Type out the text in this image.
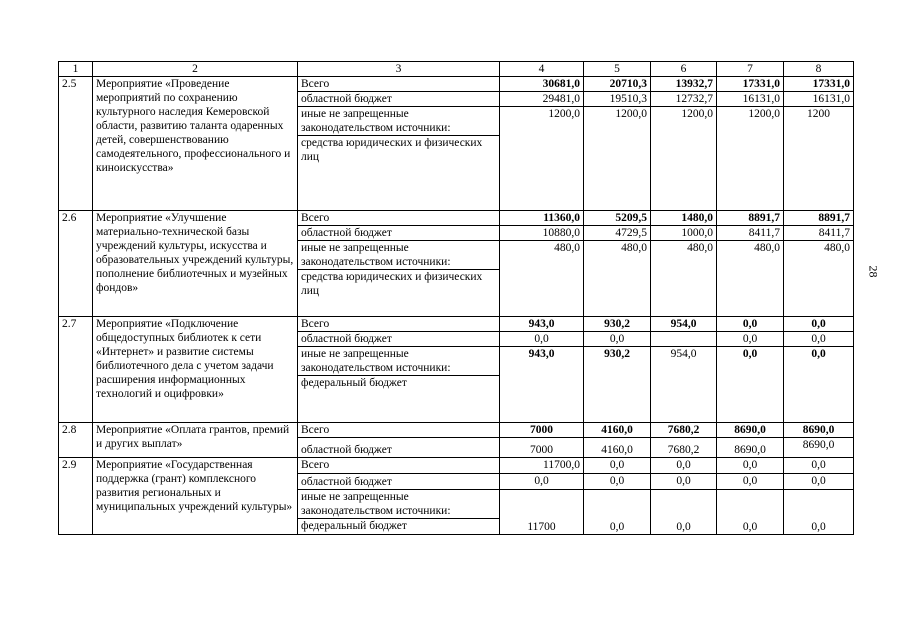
1	2	3	4	5	6	7	8
2.5	Мероприятие «Проведение мероприятий по сохранению культурного наследия Кемеровской области, развитию таланта одаренных детей, совершенствованию самодеятельного, профессионального и киноискусства»	Всего	30681,0	20710,3	13932,7	17331,0	17331,0
		областной бюджет	29481,0	19510,3	12732,7	16131,0	16131,0
		иные не запрещенные законодательством источники:	1200,0	1200,0	1200,0	1200,0	1200
		средства юридических и физических лиц					
2.6	Мероприятие «Улучшение материально-технической базы учреждений культуры, искусства и образовательных учреждений культуры, пополнение библиотечных и музейных фондов»	Всего	11360,0	5209,5	1480,0	8891,7	8891,7
		областной бюджет	10880,0	4729,5	1000,0	8411,7	8411,7
		иные не запрещенные законодательством источники:	480,0	480,0	480,0	480,0	480,0
		средства юридических и физических лиц					
2.7	Мероприятие «Подключение общедоступных библиотек к сети «Интернет» и развитие системы библиотечного дела с учетом задачи расширения информационных технологий и оцифровки»	Всего	943,0	930,2	954,0	0,0	0,0
		областной бюджет	0,0	0,0		0,0	0,0
		иные не запрещенные законодательством источники:	943,0	930,2	954,0	0,0	0,0
		федеральный бюджет					
2.8	Мероприятие «Оплата грантов, премий и других выплат»	Всего	7000	4160,0	7680,2	8690,0	8690,0
		областной бюджет	7000	4160,0	7680,2	8690,0	8690,0
2.9	Мероприятие «Государственная поддержка (грант) комплексного развития региональных и муниципальных учреждений культуры»	Всего	11700,0	0,0	0,0	0,0	0,0
		областной бюджет	0,0	0,0	0,0	0,0	0,0
		иные не запрещенные законодательством источники:	11700	0,0	0,0	0,0	0,0
		федеральный бюджет					
28
